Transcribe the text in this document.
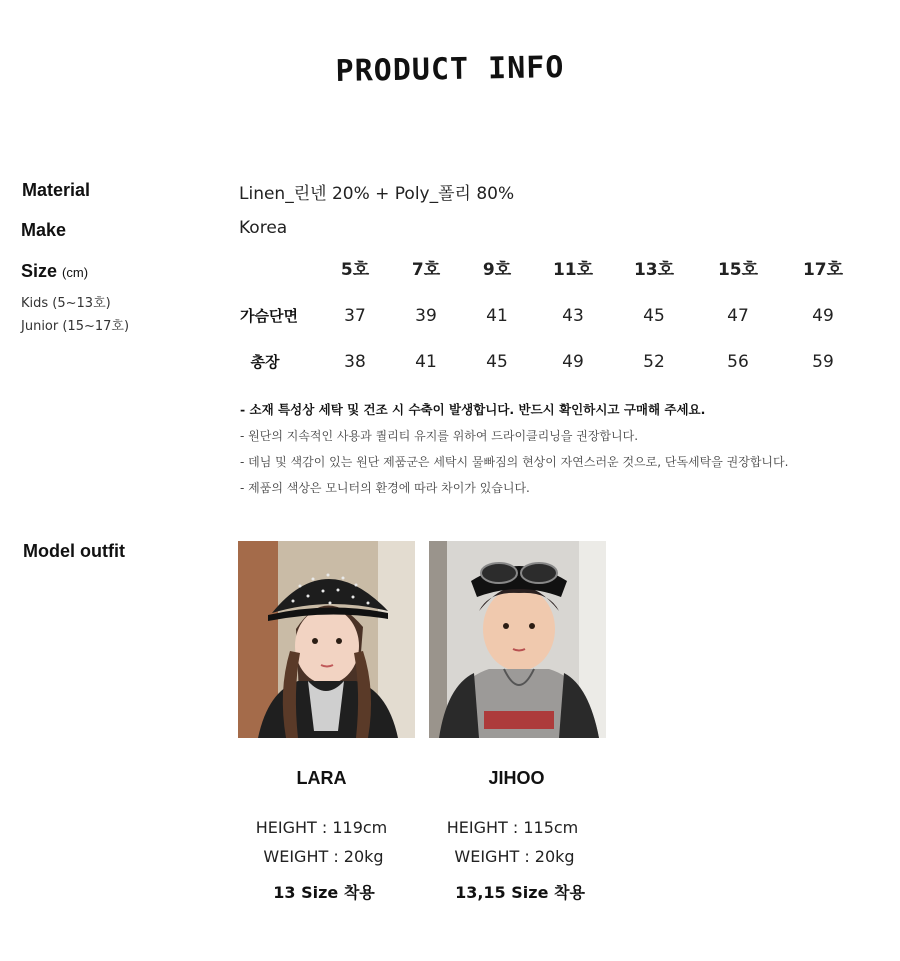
PRODUCT INFO
Material	Linen_린넨 20% + Poly_폴리 80%
Make	Korea
Size (cm)
Kids (5~13호)
Junior (15~17호)
5호	7호	9호	11호	13호	15호	17호
가슴단면	37	39	41	43	45	47	49
총장	38	41	45	49	52	56	59
- 소재 특성상 세탁 및 건조 시 수축이 발생합니다. 반드시 확인하시고 구매해 주세요.
- 원단의 지속적인 사용과 퀄리티 유지를 위하여 드라이클리닝을 권장합니다.
- 데님 및 색감이 있는 원단 제품군은 세탁시 물빠짐의 현상이 자연스러운 것으로, 단독세탁을 권장합니다.
- 제품의 색상은 모니터의 환경에 따라 차이가 있습니다.
Model outfit
LARA
HEIGHT : 119cm
WEIGHT : 20kg
13 Size 착용
JIHOO
HEIGHT : 115cm
WEIGHT : 20kg
13,15 Size 착용
